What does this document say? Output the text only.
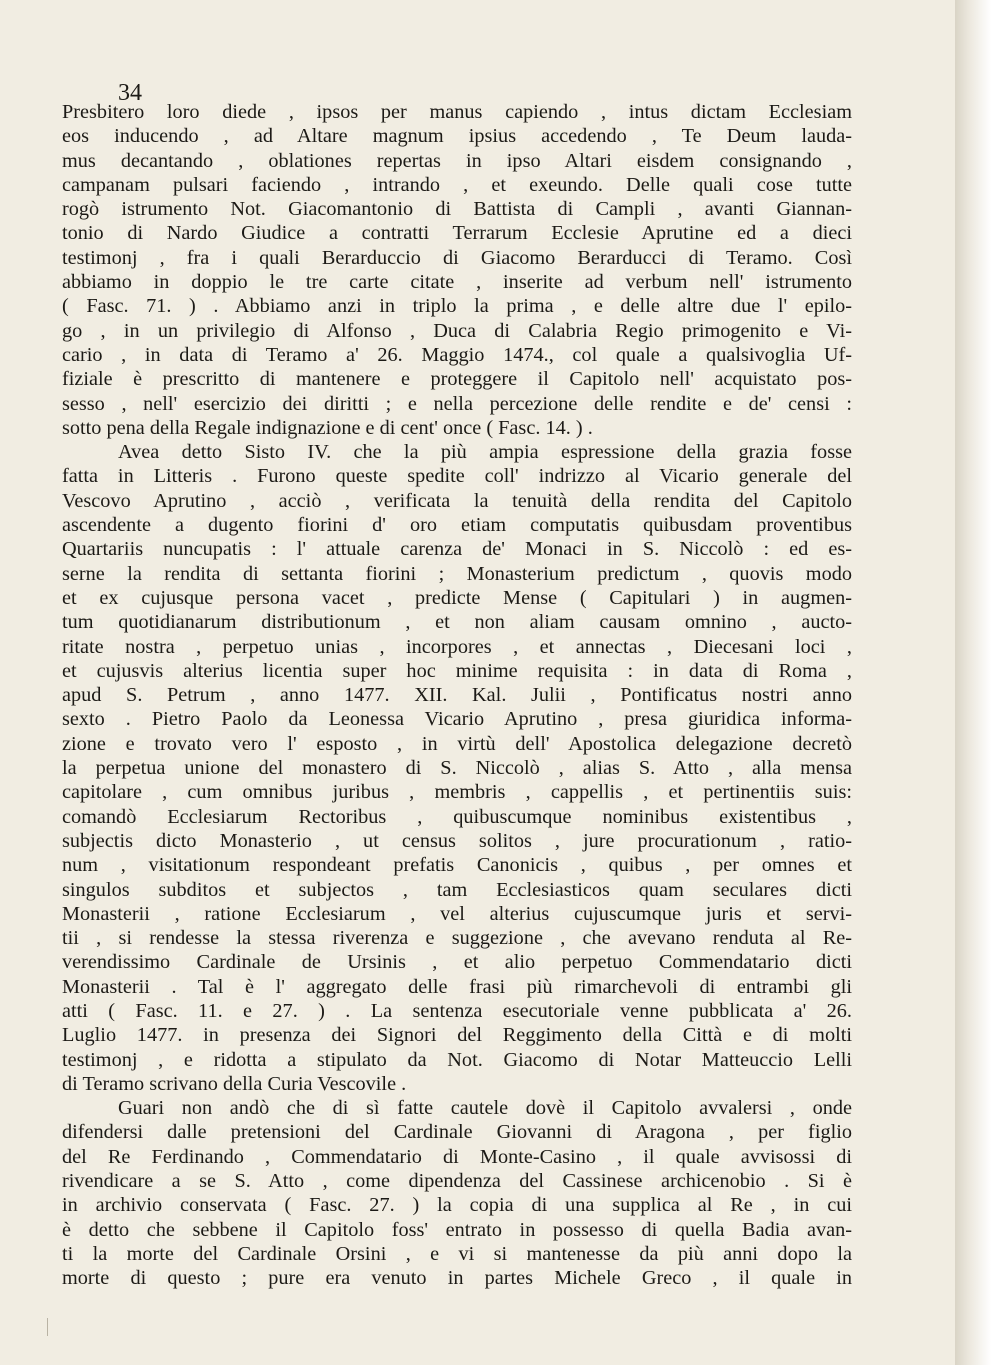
34
Presbitero loro diede , ipsos per manus capiendo , intus dictam Ecclesiam
eos inducendo , ad Altare magnum ipsius accedendo , Te Deum lauda-
mus decantando , oblationes repertas in ipso Altari eisdem consignando ,
campanam pulsari faciendo , intrando , et exeundo. Delle quali cose tutte
rogò istrumento Not. Giacomantonio di Battista di Campli , avanti Giannan-
tonio di Nardo Giudice a contratti Terrarum Ecclesie Aprutine ed a dieci
testimonj , fra i quali Berarduccio di Giacomo Berarducci di Teramo. Così
abbiamo in doppio le tre carte citate , inserite ad verbum nell' istrumento
( Fasc. 71. ) . Abbiamo anzi in triplo la prima , e delle altre due l' epilo-
go , in un privilegio di Alfonso , Duca di Calabria Regio primogenito e Vi-
cario , in data di Teramo a' 26. Maggio 1474., col quale a qualsivoglia Uf-
fiziale è prescritto di mantenere e proteggere il Capitolo nell' acquistato pos-
sesso , nell' esercizio dei diritti ; e nella percezione delle rendite e de' censi :
sotto pena della Regale indignazione e di cent' once ( Fasc. 14. ) .
Avea detto Sisto IV. che la più ampia espressione della grazia fosse
fatta in Litteris . Furono queste spedite coll' indrizzo al Vicario generale del
Vescovo Aprutino , acciò , verificata la tenuità della rendita del Capitolo
ascendente a dugento fiorini d' oro etiam computatis quibusdam proventibus
Quartariis nuncupatis : l' attuale carenza de' Monaci in S. Niccolò : ed es-
serne la rendita di settanta fiorini ; Monasterium predictum , quovis modo
et ex cujusque persona vacet , predicte Mense ( Capitulari ) in augmen-
tum quotidianarum distributionum , et non aliam causam omnino , aucto-
ritate nostra , perpetuo unias , incorpores , et annectas , Diecesani loci ,
et cujusvis alterius licentia super hoc minime requisita : in data di Roma ,
apud S. Petrum , anno 1477. XII. Kal. Julii , Pontificatus nostri anno
sexto . Pietro Paolo da Leonessa Vicario Aprutino , presa giuridica informa-
zione e trovato vero l' esposto , in virtù dell' Apostolica delegazione decretò
la perpetua unione del monastero di S. Niccolò , alias S. Atto , alla mensa
capitolare , cum omnibus juribus , membris , cappellis , et pertinentiis suis:
comandò Ecclesiarum Rectoribus , quibuscumque nominibus existentibus ,
subjectis dicto Monasterio , ut census solitos , jure procurationum , ratio-
num , visitationum respondeant prefatis Canonicis , quibus , per omnes et
singulos subditos et subjectos , tam Ecclesiasticos quam seculares dicti
Monasterii , ratione Ecclesiarum , vel alterius cujuscumque juris et servi-
tii , si rendesse la stessa riverenza e suggezione , che avevano renduta al Re-
verendissimo Cardinale de Ursinis , et alio perpetuo Commendatario dicti
Monasterii . Tal è l' aggregato delle frasi più rimarchevoli di entrambi gli
atti ( Fasc. 11. e 27. ) . La sentenza esecutoriale venne pubblicata a' 26.
Luglio 1477. in presenza dei Signori del Reggimento della Città e di molti
testimonj , e ridotta a stipulato da Not. Giacomo di Notar Matteuccio Lelli
di Teramo scrivano della Curia Vescovile .
Guari non andò che di sì fatte cautele dovè il Capitolo avvalersi , onde
difendersi dalle pretensioni del Cardinale Giovanni di Aragona , per figlio
del Re Ferdinando , Commendatario di Monte-Casino , il quale avvisossi di
rivendicare a se S. Atto , come dipendenza del Cassinese archicenobio . Si è
in archivio conservata ( Fasc. 27. ) la copia di una supplica al Re , in cui
è detto che sebbene il Capitolo foss' entrato in possesso di quella Badia avan-
ti la morte del Cardinale Orsini , e vi si mantenesse da più anni dopo la
morte di questo ; pure era venuto in partes Michele Greco , il quale in
